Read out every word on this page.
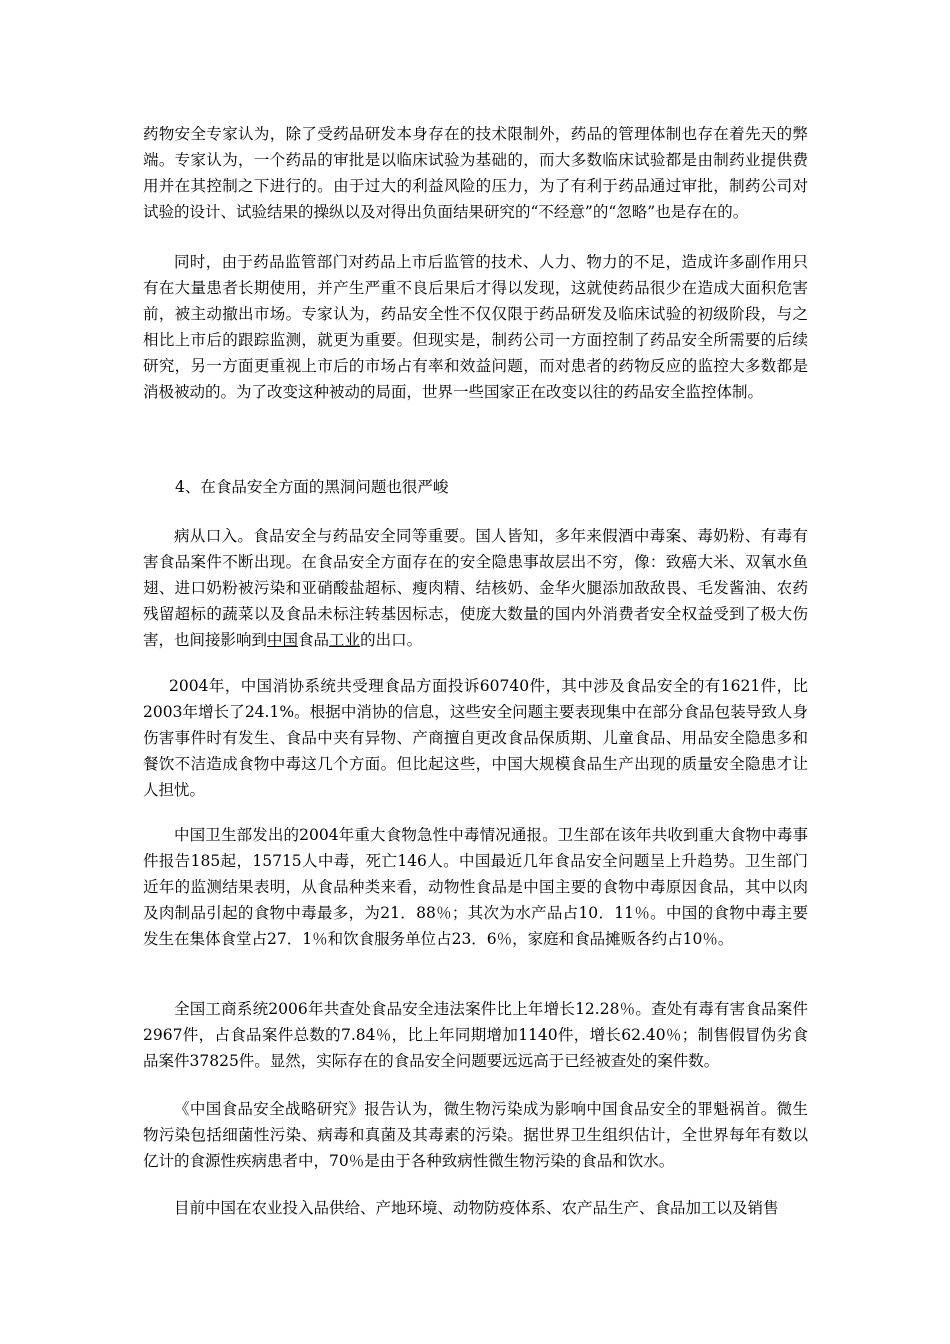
药物安全专家认为，除了受药品研发本身存在的技术限制外，药品的管理体制也存在着先天的弊端。专家认为，一个药品的审批是以临床试验为基础的，而大多数临床试验都是由制药业提供费用并在其控制之下进行的。由于过大的利益风险的压力，为了有利于药品通过审批，制药公司对试验的设计、试验结果的操纵以及对得出负面结果研究的“不经意”的“忽略”也是存在的。

同时，由于药品监管部门对药品上市后监管的技术、人力、物力的不足，造成许多副作用只有在大量患者长期使用，并产生严重不良后果后才得以发现，这就使药品很少在造成大面积危害前，被主动撤出市场。专家认为，药品安全性不仅仅限于药品研发及临床试验的初级阶段，与之相比上市后的跟踪监测，就更为重要。但现实是，制药公司一方面控制了药品安全所需要的后续研究，另一方面更重视上市后的市场占有率和效益问题，而对患者的药物反应的监控大多数都是消极被动的。为了改变这种被动的局面，世界一些国家正在改变以往的药品安全监控体制。

4、在食品安全方面的黑洞问题也很严峻

病从口入。食品安全与药品安全同等重要。国人皆知，多年来假酒中毒案、毒奶粉、有毒有害食品案件不断出现。在食品安全方面存在的安全隐患事故层出不穷，像：致癌大米、双氧水鱼翅、进口奶粉被污染和亚硝酸盐超标、瘦肉精、结核奶、金华火腿添加敌敌畏、毛发酱油、农药残留超标的蔬菜以及食品未标注转基因标志，使庞大数量的国内外消费者安全权益受到了极大伤害，也间接影响到中国食品工业的出口。

2004年，中国消协系统共受理食品方面投诉60740件，其中涉及食品安全的有1621件，比2003年增长了24.1%。根据中消协的信息，这些安全问题主要表现集中在部分食品包装导致人身伤害事件时有发生、食品中夹有异物、产商擅自更改食品保质期、儿童食品、用品安全隐患多和餐饮不洁造成食物中毒这几个方面。但比起这些，中国大规模食品生产出现的质量安全隐患才让人担忧。

中国卫生部发出的2004年重大食物急性中毒情况通报。卫生部在该年共收到重大食物中毒事件报告185起，15715人中毒，死亡146人。中国最近几年食品安全问题呈上升趋势。卫生部门近年的监测结果表明，从食品种类来看，动物性食品是中国主要的食物中毒原因食品，其中以肉及肉制品引起的食物中毒最多，为21．88％；其次为水产品占10．11％。中国的食物中毒主要发生在集体食堂占27．1％和饮食服务单位占23．6％，家庭和食品摊贩各约占10％。

全国工商系统2006年共查处食品安全违法案件比上年增长12.28％。查处有毒有害食品案件2967件，占食品案件总数的7.84％，比上年同期增加1140件，增长62.40％；制售假冒伪劣食品案件37825件。显然，实际存在的食品安全问题要远远高于已经被查处的案件数。

《中国食品安全战略研究》报告认为，微生物污染成为影响中国食品安全的罪魁祸首。微生物污染包括细菌性污染、病毒和真菌及其毒素的污染。据世界卫生组织估计，全世界每年有数以亿计的食源性疾病患者中，70％是由于各种致病性微生物污染的食品和饮水。

目前中国在农业投入品供给、产地环境、动物防疫体系、农产品生产、食品加工以及销售
